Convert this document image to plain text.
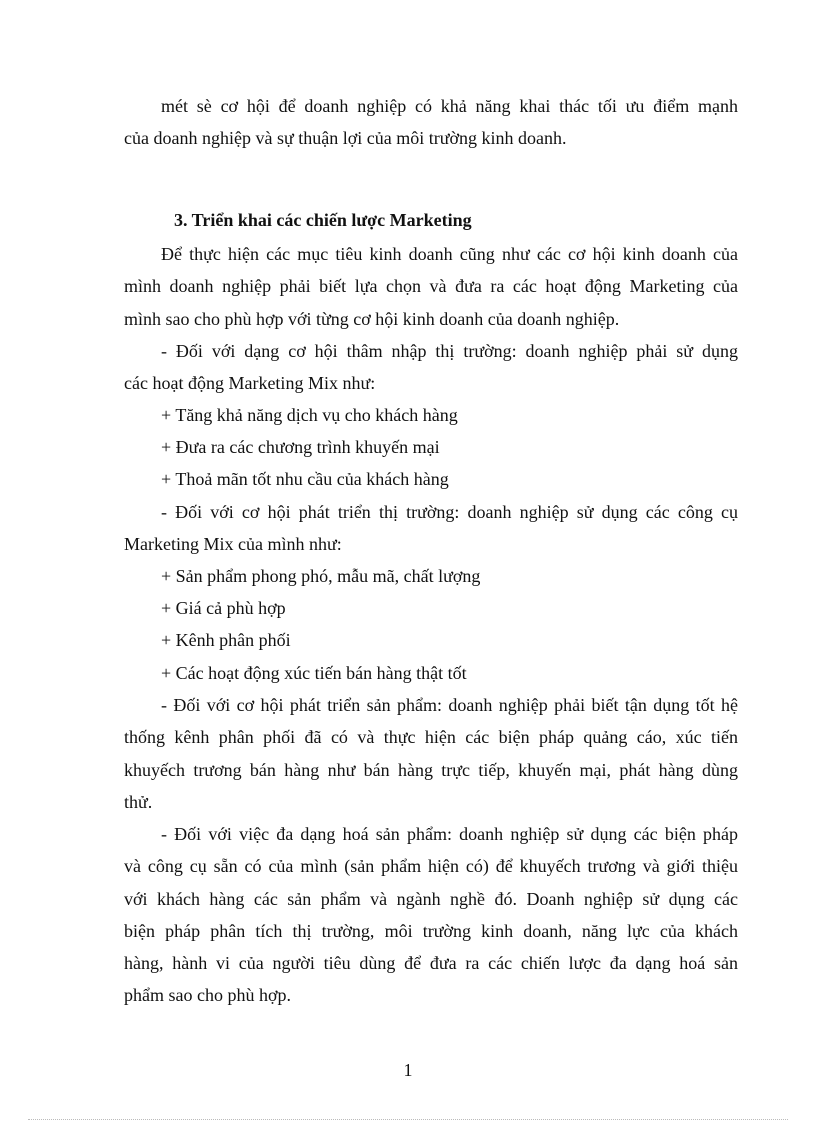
mét sè cơ hội để doanh nghiệp có khả năng khai thác tối ưu điểm mạnh
của doanh nghiệp và sự thuận lợi của môi trường kinh doanh.
3. Triển khai các chiến lược Marketing
Để thực hiện các mục tiêu kinh doanh cũng như các cơ hội kinh doanh của
mình doanh nghiệp phải biết lựa chọn và đưa ra các hoạt động Marketing của
mình sao cho phù hợp với từng cơ hội kinh doanh của doanh nghiệp.
- Đối với dạng cơ hội thâm nhập thị trường: doanh nghiệp phải sử dụng
các hoạt động Marketing Mix như:

+ Tăng khả năng dịch vụ cho khách hàng

+ Đưa ra các chương trình khuyến mại

+ Thoả mãn tốt nhu cầu của khách hàng

- Đối với cơ hội phát triển thị trường: doanh nghiệp sử dụng các công cụ
Marketing Mix của mình như:

+ Sản phẩm phong phó, mẫu mã, chất lượng

+ Giá cả phù hợp

+ Kênh phân phối

+ Các hoạt động xúc tiến bán hàng thật tốt

- Đối với cơ hội phát triển sản phẩm: doanh nghiệp phải biết tận dụng tốt hệ
thống kênh phân phối đã có và thực hiện các biện pháp quảng cáo, xúc tiến
khuyếch trương bán hàng như bán hàng trực tiếp, khuyến mại, phát hàng dùng
thử.
- Đối với việc đa dạng hoá sản phẩm: doanh nghiệp sử dụng các biện pháp
và công cụ sẵn có của mình (sản phẩm hiện có) để khuyếch trương và giới thiệu
với khách hàng các sản phẩm và ngành nghề đó. Doanh nghiệp sử dụng các
biện pháp phân tích thị trường, môi trường kinh doanh, năng lực của khách
hàng, hành vi của người tiêu dùng để đưa ra các chiến lược đa dạng hoá sản
phẩm sao cho phù hợp.

1
